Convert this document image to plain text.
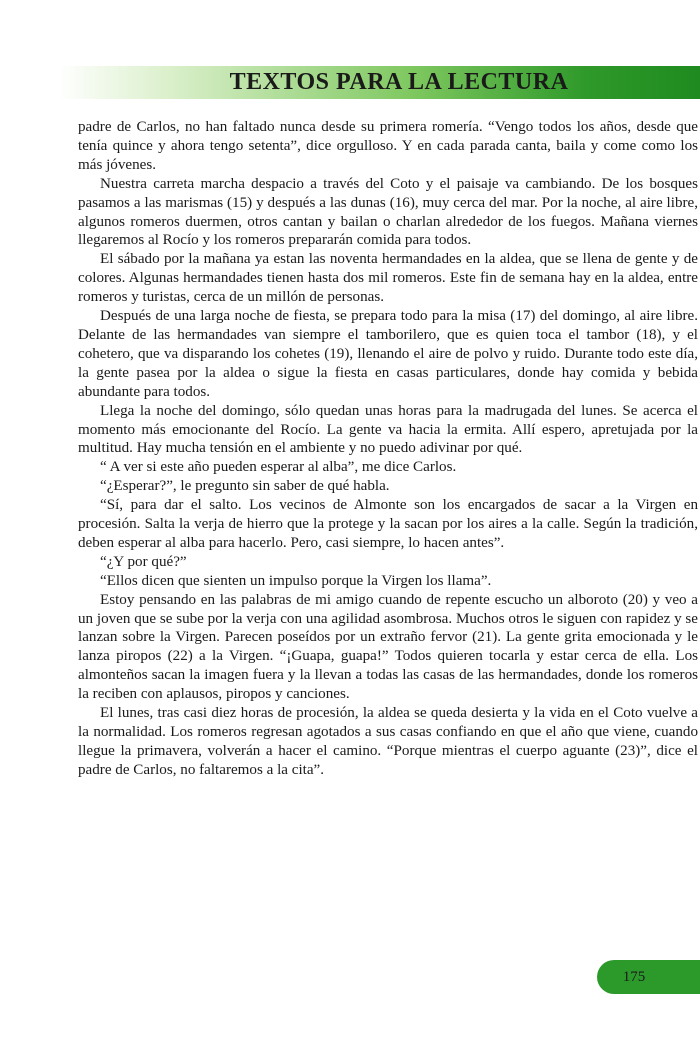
TEXTOS PARA LA LECTURA

padre de Carlos, no han faltado nunca desde su primera romería. “Vengo todos los años, desde que tenía quince y ahora tengo setenta”, dice orgulloso. Y en cada parada canta, baila y come como los más jóvenes.

Nuestra carreta marcha despacio a través del Coto y el paisaje va cambiando. De los bosques pasamos a las marismas (15) y después a las dunas (16), muy cerca del mar. Por la noche, al aire libre, algunos romeros duermen, otros cantan y bailan o charlan alrededor de los fuegos. Mañana viernes llegaremos al Rocío y los romeros prepararán comida para todos.

El sábado por la mañana ya estan las noventa hermandades en la aldea, que se llena de gente y de colores. Algunas hermandades tienen hasta dos mil romeros. Este fin de semana hay en la aldea, entre romeros y turistas, cerca de un millón de personas.

Después de una larga noche de fiesta, se prepara todo para la misa (17) del domingo, al aire libre. Delante de las hermandades van siempre el tamborilero, que es quien toca el tambor (18), y el cohetero, que va disparando los cohetes (19), llenando el aire de polvo y ruido. Durante todo este día, la gente pasea por la aldea o sigue la fiesta en casas particulares, donde hay comida y bebida abundante para todos.

Llega la noche del domingo, sólo quedan unas horas para la madrugada del lunes. Se acerca el momento más emocionante del Rocío. La gente va hacia la ermita. Allí espero, apretujada por la multitud. Hay mucha tensión en el ambiente y no puedo adivinar por qué.

“ A ver si este año pueden esperar al alba”, me dice Carlos.

“¿Esperar?”, le pregunto sin saber de qué habla.

“Sí, para dar el salto. Los vecinos de Almonte son los encargados de sacar a la Virgen en procesión. Salta la verja de hierro que la protege y la sacan por los aires a la calle. Según la tradición, deben esperar al alba para hacerlo. Pero, casi siempre, lo hacen antes”.

“¿Y por qué?”

“Ellos dicen que sienten un impulso porque la Virgen los llama”.

Estoy pensando en las palabras de mi amigo cuando de repente escucho un alboroto (20) y veo a un joven que se sube por la verja con una agilidad asombrosa. Muchos otros le siguen con rapidez y se lanzan sobre la Virgen. Parecen poseídos por un extraño fervor (21). La gente grita emocionada y le lanza piropos (22) a la Virgen. “¡Guapa, guapa!” Todos quieren tocarla y estar cerca de ella. Los almonteños sacan la imagen fuera y la llevan a todas las casas de las hermandades, donde los romeros la reciben con aplausos, piropos y canciones.

El lunes, tras casi diez horas de procesión, la aldea se queda desierta y la vida en el Coto vuelve a la normalidad. Los romeros regresan agotados a sus casas confiando en que el año que viene, cuando llegue la primavera, volverán a hacer el camino. “Porque mientras el cuerpo aguante (23)”, dice el padre de Carlos, no faltaremos a la cita”.

175
